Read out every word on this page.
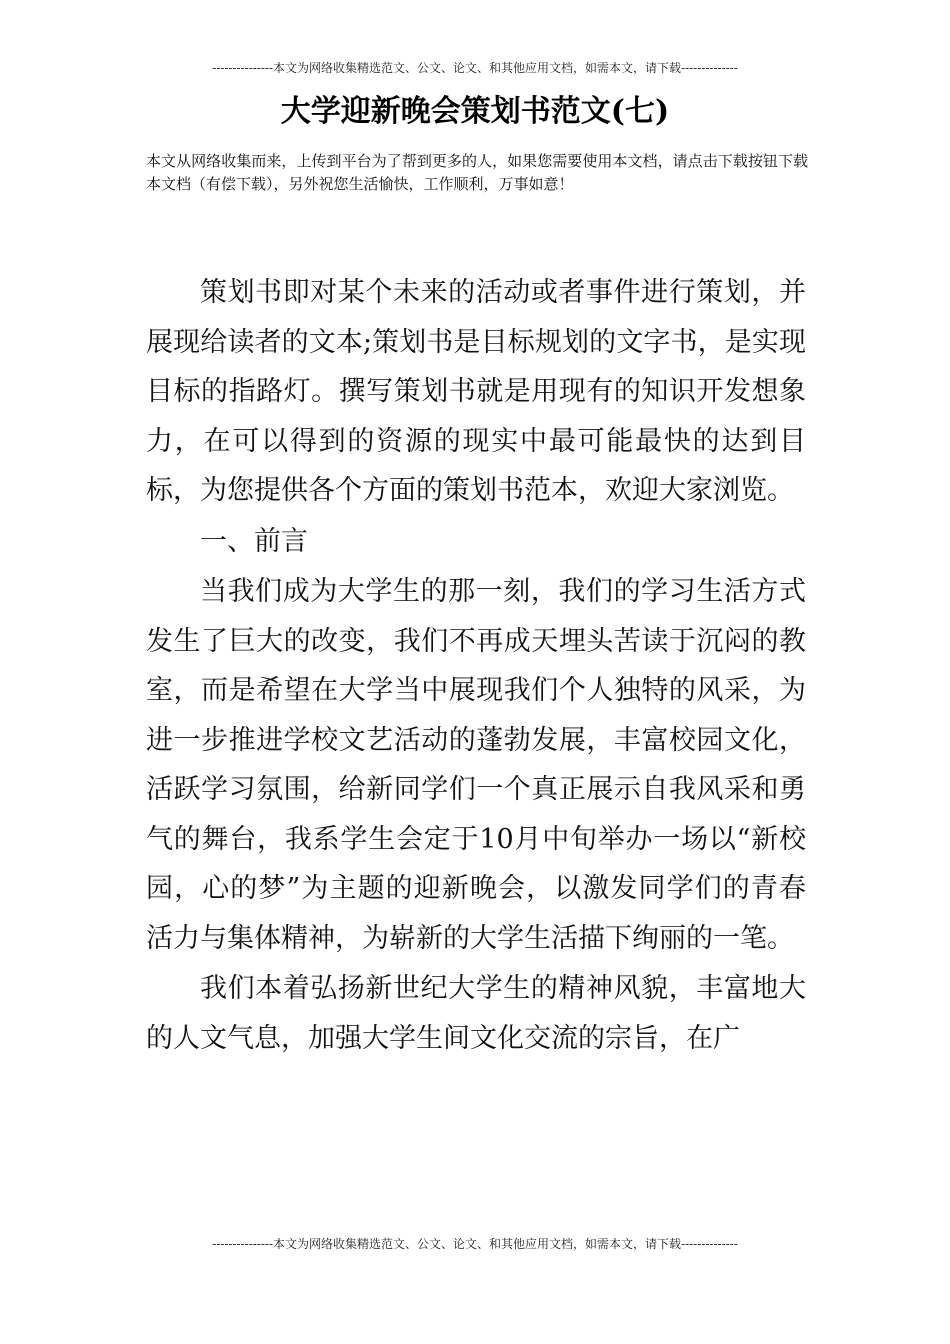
---------------本文为网络收集精选范文、公文、论文、和其他应用文档，如需本文，请下载--------------
大学迎新晚会策划书范文(七)

本文从网络收集而来，上传到平台为了帮到更多的人，如果您需要使用本文档，请点击下载按钮下载本文档（有偿下载），另外祝您生活愉快，工作顺利，万事如意！

策划书即对某个未来的活动或者事件进行策划，并展现给读者的文本;策划书是目标规划的文字书，是实现目标的指路灯。撰写策划书就是用现有的知识开发想象力，在可以得到的资源的现实中最可能最快的达到目标，为您提供各个方面的策划书范本，欢迎大家浏览。

一、前言

当我们成为大学生的那一刻，我们的学习生活方式发生了巨大的改变，我们不再成天埋头苦读于沉闷的教室，而是希望在大学当中展现我们个人独特的风采，为进一步推进学校文艺活动的蓬勃发展，丰富校园文化，活跃学习氛围，给新同学们一个真正展示自我风采和勇气的舞台，我系学生会定于10月中旬举办一场以“新校园，心的梦”为主题的迎新晚会，以激发同学们的青春活力与集体精神，为崭新的大学生活描下绚丽的一笔。

我们本着弘扬新世纪大学生的精神风貌，丰富地大的人文气息，加强大学生间文化交流的宗旨，在广

---------------本文为网络收集精选范文、公文、论文、和其他应用文档，如需本文，请下载--------------
